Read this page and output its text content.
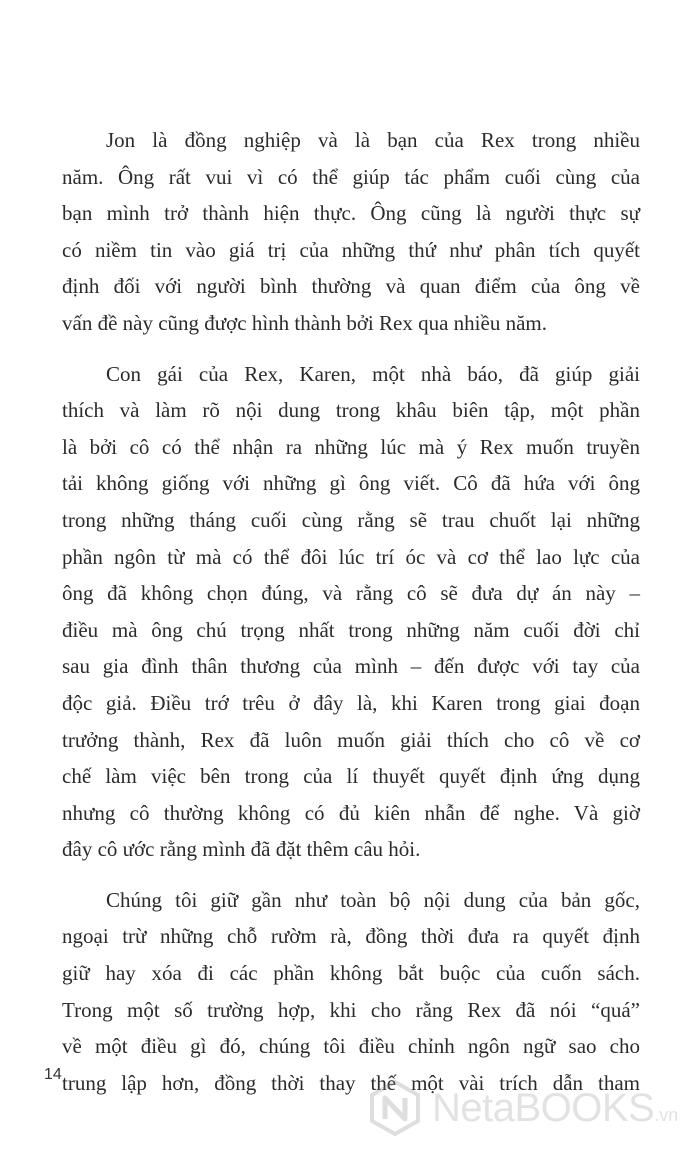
Jon là đồng nghiệp và là bạn của Rex trong nhiều
năm. Ông rất vui vì có thể giúp tác phẩm cuối cùng của
bạn mình trở thành hiện thực. Ông cũng là người thực sự
có niềm tin vào giá trị của những thứ như phân tích quyết
định đối với người bình thường và quan điểm của ông về
vấn đề này cũng được hình thành bởi Rex qua nhiều năm.
Con gái của Rex, Karen, một nhà báo, đã giúp giải
thích và làm rõ nội dung trong khâu biên tập, một phần
là bởi cô có thể nhận ra những lúc mà ý Rex muốn truyền
tải không giống với những gì ông viết. Cô đã hứa với ông
trong những tháng cuối cùng rằng sẽ trau chuốt lại những
phần ngôn từ mà có thể đôi lúc trí óc và cơ thể lao lực của
ông đã không chọn đúng, và rằng cô sẽ đưa dự án này –
điều mà ông chú trọng nhất trong những năm cuối đời chỉ
sau gia đình thân thương của mình – đến được với tay của
độc giả. Điều trớ trêu ở đây là, khi Karen trong giai đoạn
trưởng thành, Rex đã luôn muốn giải thích cho cô về cơ
chế làm việc bên trong của lí thuyết quyết định ứng dụng
nhưng cô thường không có đủ kiên nhẫn để nghe. Và giờ
đây cô ước rằng mình đã đặt thêm câu hỏi.
Chúng tôi giữ gần như toàn bộ nội dung của bản gốc,
ngoại trừ những chỗ rườm rà, đồng thời đưa ra quyết định
giữ hay xóa đi các phần không bắt buộc của cuốn sách.
Trong một số trường hợp, khi cho rằng Rex đã nói “quá”
về một điều gì đó, chúng tôi điều chỉnh ngôn ngữ sao cho
trung lập hơn, đồng thời thay thế một vài trích dẫn tham
14
NetaBOOKS.vn
